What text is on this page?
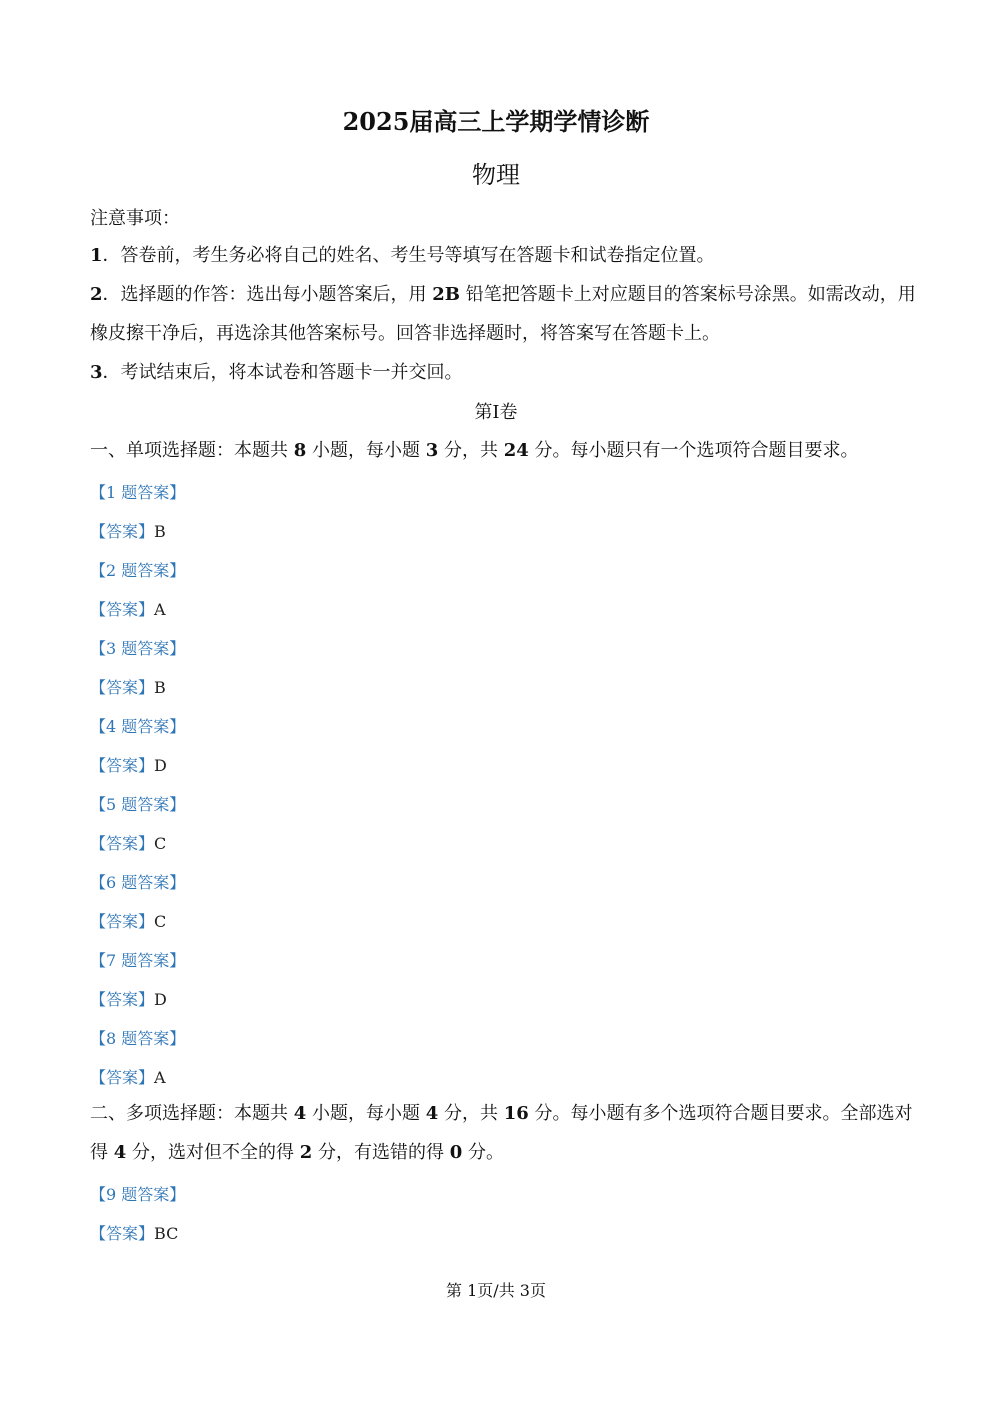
2025届高三上学期学情诊断
物理
注意事项：
1．答卷前，考生务必将自己的姓名、考生号等填写在答题卡和试卷指定位置。
2．选择题的作答：选出每小题答案后，用 2B 铅笔把答题卡上对应题目的答案标号涂黑。如需改动，用橡皮擦干净后，再选涂其他答案标号。回答非选择题时，将答案写在答题卡上。
3．考试结束后，将本试卷和答题卡一并交回。
第Ⅰ卷
一、单项选择题：本题共 8 小题，每小题 3 分，共 24 分。每小题只有一个选项符合题目要求。
【1 题答案】
【答案】B
【2 题答案】
【答案】A
【3 题答案】
【答案】B
【4 题答案】
【答案】D
【5 题答案】
【答案】C
【6 题答案】
【答案】C
【7 题答案】
【答案】D
【8 题答案】
【答案】A
二、多项选择题：本题共 4 小题，每小题 4 分，共 16 分。每小题有多个选项符合题目要求。全部选对得 4 分，选对但不全的得 2 分，有选错的得 0 分。
【9 题答案】
【答案】BC
第 1页/共 3页
